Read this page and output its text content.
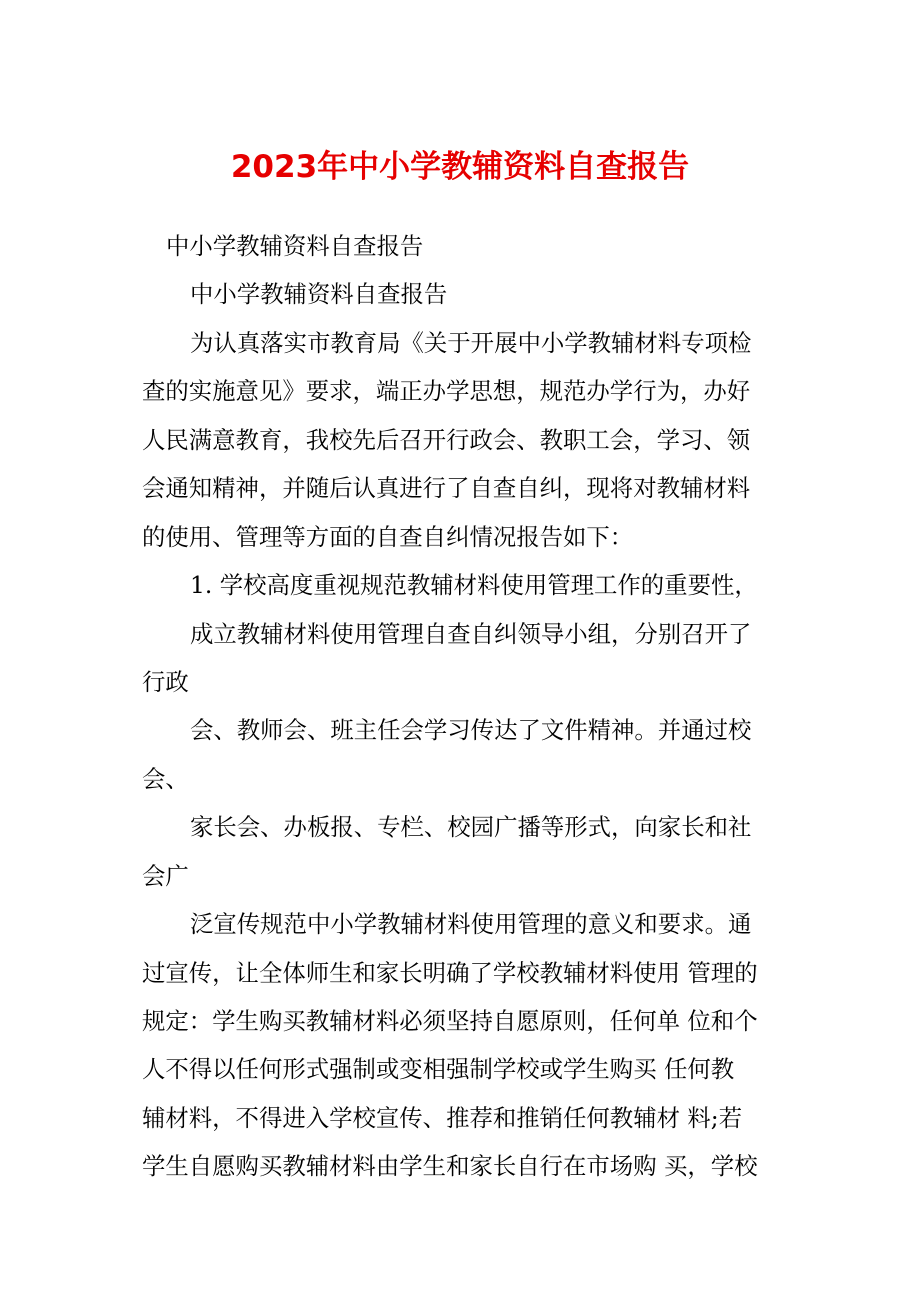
2023年中小学教辅资料自查报告
中小学教辅资料自查报告
中小学教辅资料自查报告
为认真落实市教育局《关于开展中小学教辅材料专项检
查的实施意见》要求，端正办学思想，规范办学行为，办好
人民满意教育，我校先后召开行政会、教职工会，学习、领
会通知精神，并随后认真进行了自查自纠，现将对教辅材料
的使用、管理等方面的自查自纠情况报告如下：
1. 学校高度重视规范教辅材料使用管理工作的重要性，
成立教辅材料使用管理自查自纠领导小组，分别召开了
行政
会、教师会、班主任会学习传达了文件精神。并通过校
会、
家长会、办板报、专栏、校园广播等形式，向家长和社
会广
泛宣传规范中小学教辅材料使用管理的意义和要求。通
过宣传，让全体师生和家长明确了学校教辅材料使用 管理的
规定：学生购买教辅材料必须坚持自愿原则，任何单 位和个
人不得以任何形式强制或变相强制学校或学生购买 任何教
辅材料，不得进入学校宣传、推荐和推销任何教辅材 料;若
学生自愿购买教辅材料由学生和家长自行在市场购 买，学校
